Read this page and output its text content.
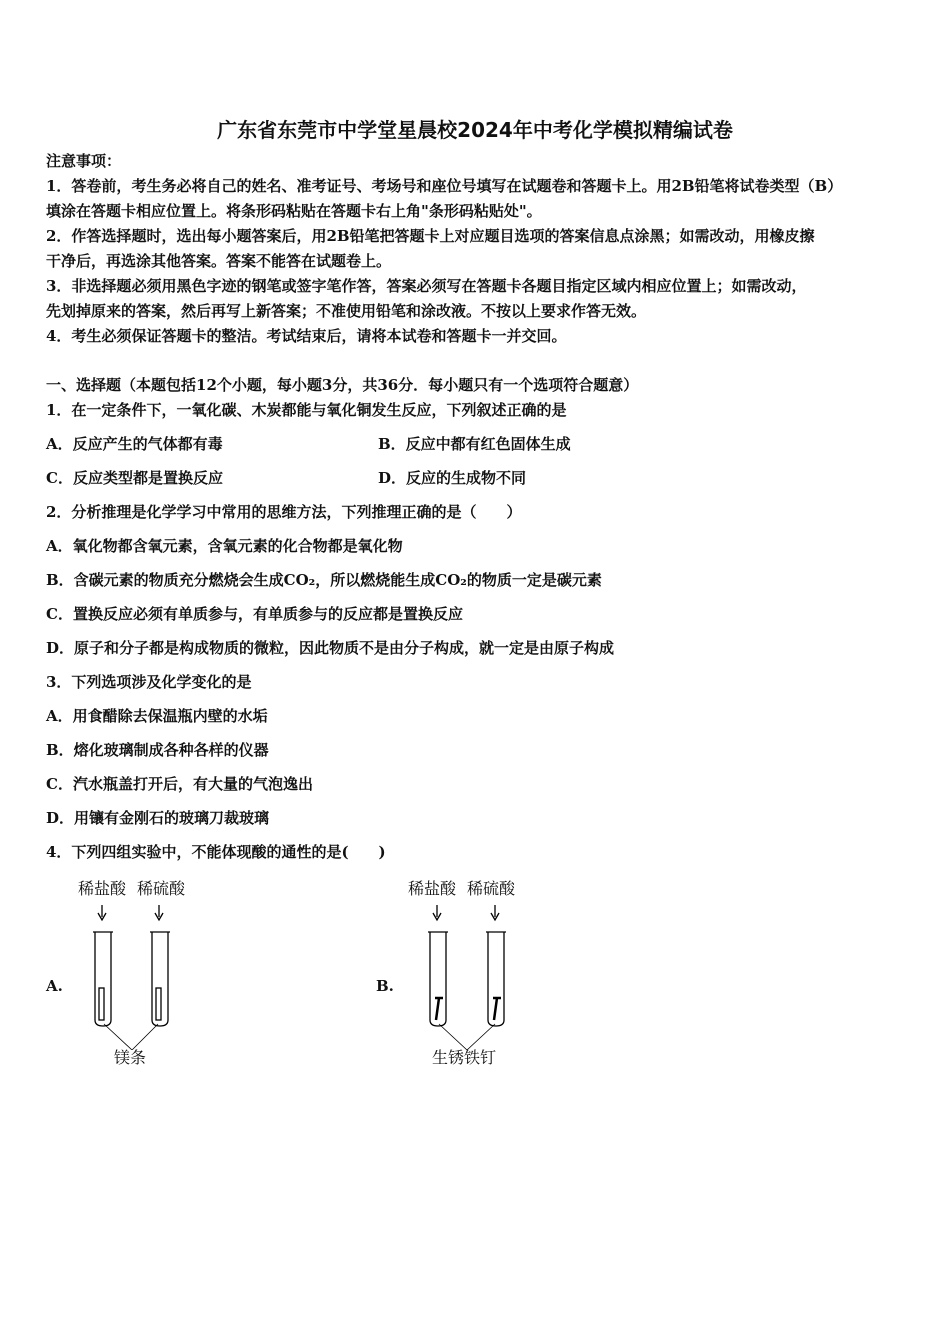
广东省东莞市中学堂星晨校2024年中考化学模拟精编试卷
注意事项：
1．答卷前，考生务必将自己的姓名、准考证号、考场号和座位号填写在试题卷和答题卡上。用2B铅笔将试卷类型（B）
填涂在答题卡相应位置上。将条形码粘贴在答题卡右上角"条形码粘贴处"。
2．作答选择题时，选出每小题答案后，用2B铅笔把答题卡上对应题目选项的答案信息点涂黑；如需改动，用橡皮擦
干净后，再选涂其他答案。答案不能答在试题卷上。
3．非选择题必须用黑色字迹的钢笔或签字笔作答，答案必须写在答题卡各题目指定区域内相应位置上；如需改动，
先划掉原来的答案，然后再写上新答案；不准使用铅笔和涂改液。不按以上要求作答无效。
4．考生必须保证答题卡的整洁。考试结束后，请将本试卷和答题卡一并交回。
一、选择题（本题包括12个小题，每小题3分，共36分．每小题只有一个选项符合题意）
1．在一定条件下，一氧化碳、木炭都能与氧化铜发生反应，下列叙述正确的是
A．反应产生的气体都有毒	B．反应中都有红色固体生成
C．反应类型都是置换反应	D．反应的生成物不同
2．分析推理是化学学习中常用的思维方法，下列推理正确的是（　　）
A．氧化物都含氧元素，含氧元素的化合物都是氧化物
B．含碳元素的物质充分燃烧会生成CO₂，所以燃烧能生成CO₂的物质一定是碳元素
C．置换反应必须有单质参与，有单质参与的反应都是置换反应
D．原子和分子都是构成物质的微粒，因此物质不是由分子构成，就一定是由原子构成
3．下列选项涉及化学变化的是
A．用食醋除去保温瓶内壁的水垢
B．熔化玻璃制成各种各样的仪器
C．汽水瓶盖打开后，有大量的气泡逸出
D．用镶有金刚石的玻璃刀裁玻璃
4．下列四组实验中，不能体现酸的通性的是(　　)
A.
稀盐酸 稀硫酸
镁条
B.
稀盐酸 稀硫酸
生锈铁钉
